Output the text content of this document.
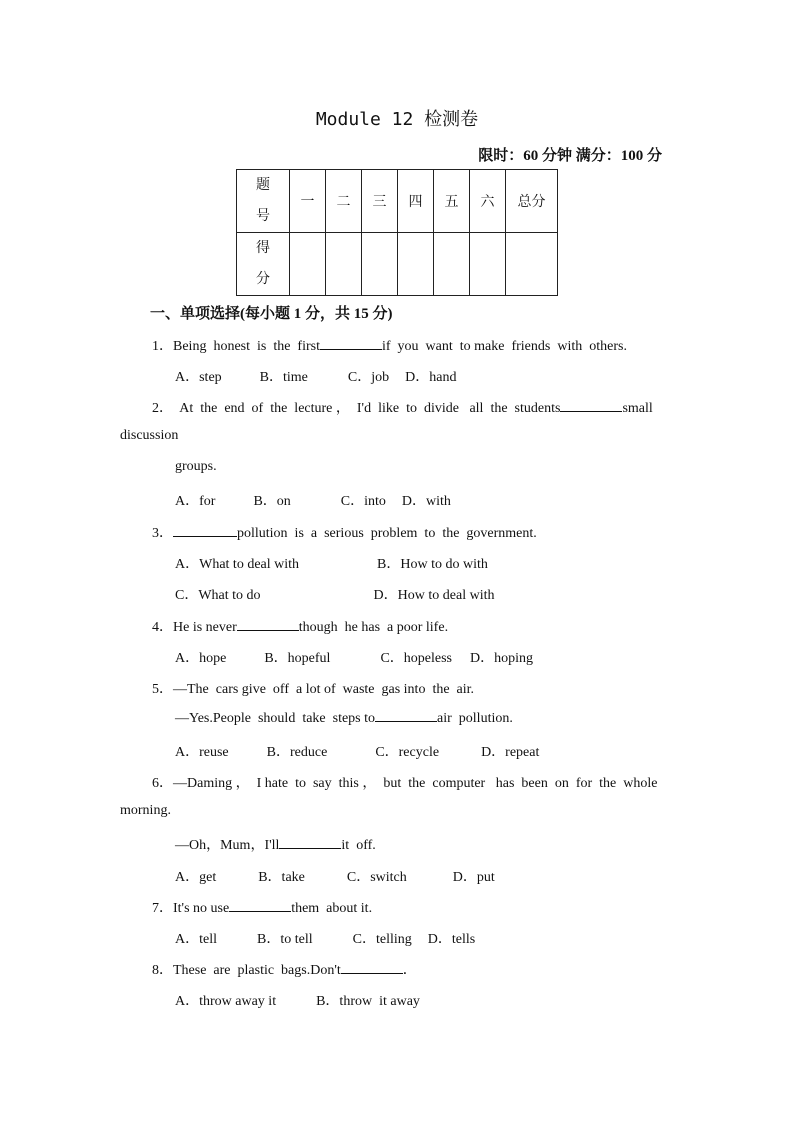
Module 12 检测卷
限时：60 分钟 满分：100 分
题
号	一	二	三	四	五	六	总分

得
分							

一、单项选择(每小题 1 分，共 15 分)
1．Being  honest  is  the  first	if  you  want  to make  friends  with  others.
A．step	B．time	C．job D．hand
2．  At  the  end  of  the  lecture ，  I'd  like  to  divide   all  the  students	small
discussion
groups.
A．for	B．on	C．into D．with
3．	pollution  is  a  serious  problem  to  the  government.
A．What to deal with	B．How to do with
C．What to do	D．How to deal with
4．He is never	though  he has  a poor life.
A．hope	B．hopeful	C．hopeless D．hoping
5．—The  cars give  off  a lot of  waste  gas into  the  air.
—Yes.People  should  take  steps to	air  pollution.
A．reuse	B．reduce	C．recycle	D．repeat
6．—Daming ，  I hate  to  say  this ，  but  the  computer   has  been  on  for  the  whole
morning.
—Oh，Mum，I'll	it  off.
A．get	B．take	C．switch	D．put
7．It's no use	them  about it.
A．tell	B．to tell	C．telling D．tells
8．These  are  plastic  bags.Don't	．
A．throw away it	B．throw  it away
